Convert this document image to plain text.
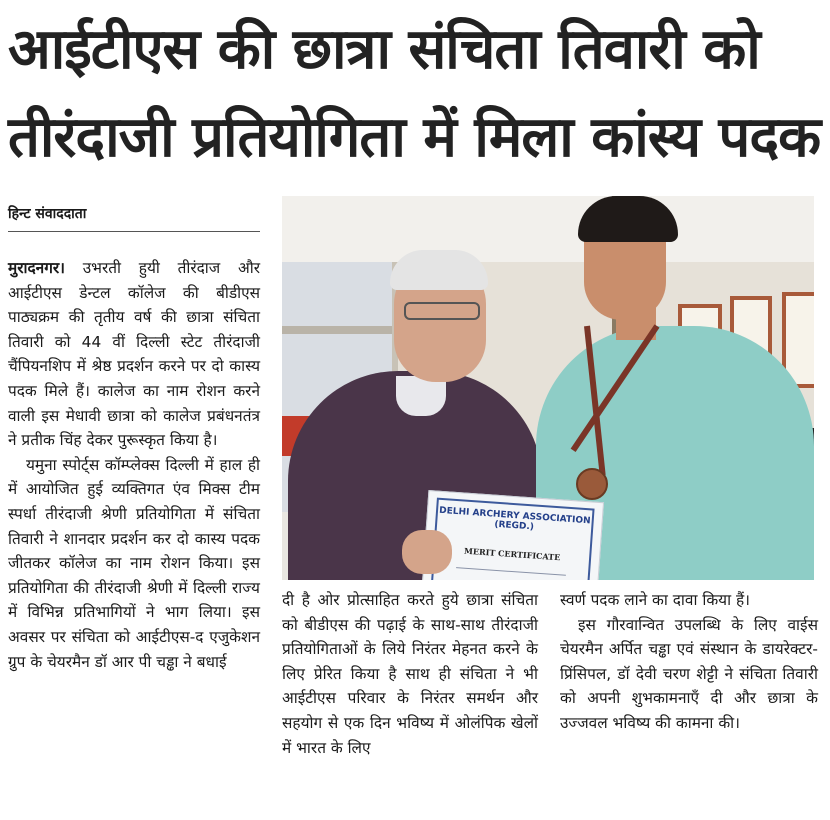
आईटीएस की छात्रा संचिता तिवारी को
तीरंदाजी प्रतियोगिता में मिला कांस्य पदक
हिन्ट संवाददाता

मुरादनगर। उभरती हुयी तीरंदाज और आईटीएस डेन्टल कॉलेज की बीडीएस पाठ्यक्रम की तृतीय वर्ष की छात्रा संचिता तिवारी को 44 वीं दिल्ली स्टेट तीरंदाजी चैंपियनशिप में श्रेष्ठ प्रदर्शन करने पर दो कास्य पदक मिले हैं। कालेज का नाम रोशन करने वाली इस मेधावी छात्रा को कालेज प्रबंधनतंत्र ने प्रतीक चिंह देकर पुरूस्कृत किया है।

यमुना स्पोर्ट्स कॉम्प्लेक्स दिल्ली में हाल ही में आयोजित हुई व्यक्तिगत एंव मिक्स टीम स्पर्धा तीरंदाजी श्रेणी प्रतियोगिता में संचिता तिवारी ने शानदार प्रदर्शन कर दो कास्य पदक जीतकर कॉलेज का नाम रोशन किया। इस प्रतियोगिता की तीरंदाजी श्रेणी में दिल्ली राज्य में विभिन्न प्रतिभागियों ने भाग लिया। इस अवसर पर संचिता को आईटीएस-द एजुकेशन ग्रुप के चेयरमैन डॉ आर पी चड्ढा ने बधाई

DELHI ARCHERY ASSOCIATION (REGD.)
MERIT CERTIFICATE

दी है ओर प्रोत्साहित करते हुये छात्रा संचिता को बीडीएस की पढ़ाई के साथ-साथ तीरंदाजी प्रतियोगिताओं के लिये निरंतर मेहनत करने के लिए प्रेरित किया है साथ ही संचिता ने भी आईटीएस परिवार के निरंतर समर्थन और सहयोग से एक दिन भविष्य में ओलंपिक खेलों में भारत के लिए

स्वर्ण पदक लाने का दावा किया हैं।

इस गौरवान्वित उपलब्धि के लिए वाईस चेयरमैन अर्पित चड्ढा एवं संस्थान के डायरेक्टर-प्रिंसिपल, डॉ देवी चरण शेट्टी ने संचिता तिवारी को अपनी शुभकामनाएँ दी और छात्रा के उज्जवल भविष्य की कामना की।
